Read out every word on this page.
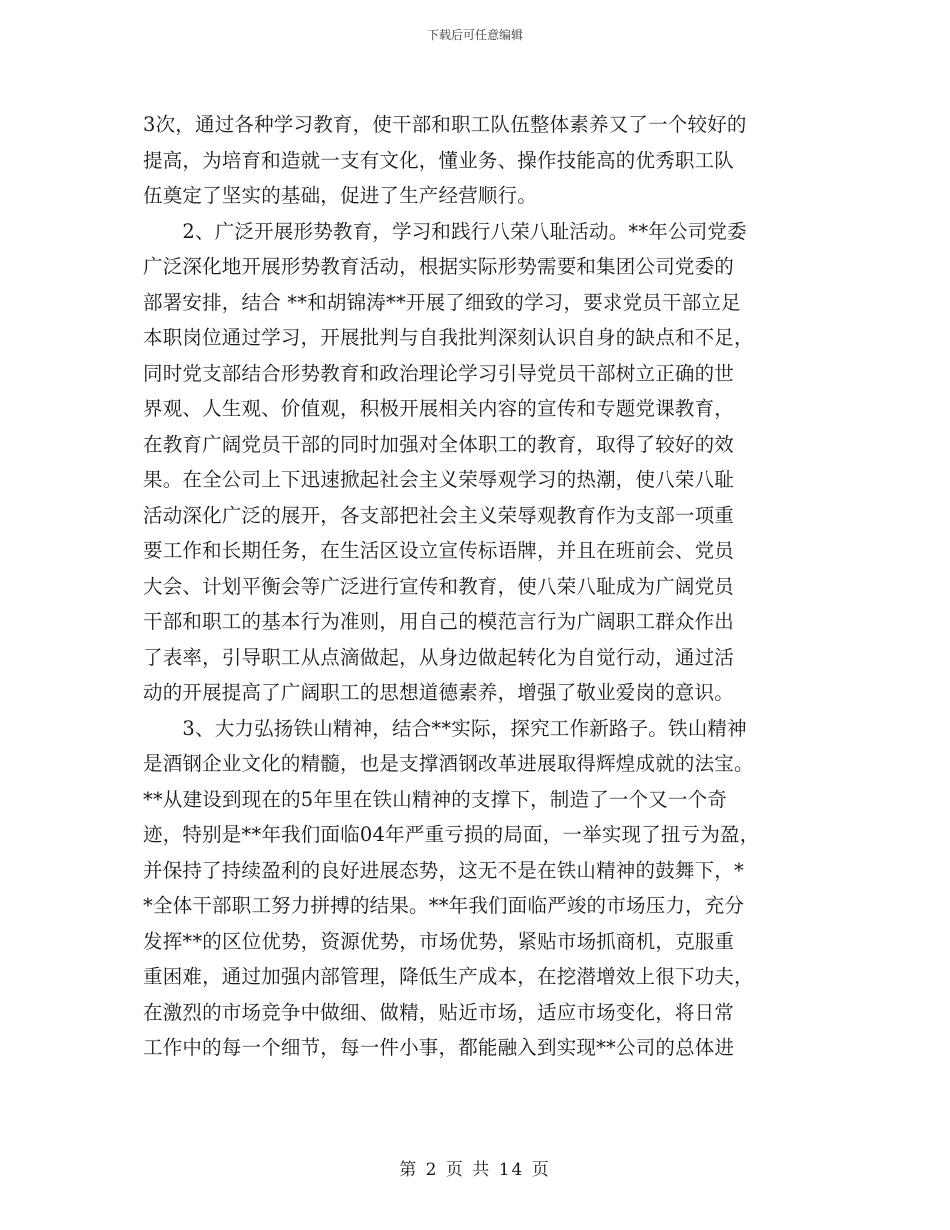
下载后可任意编辑
3次，通过各种学习教育，使干部和职工队伍整体素养又了一个较好的
提高，为培育和造就一支有文化，懂业务、操作技能高的优秀职工队
伍奠定了坚实的基础，促进了生产经营顺行。
　　2、广泛开展形势教育，学习和践行八荣八耻活动。**年公司党委
广泛深化地开展形势教育活动，根据实际形势需要和集团公司党委的
部署安排，结合 **和胡锦涛**开展了细致的学习，要求党员干部立足
本职岗位通过学习，开展批判与自我批判深刻认识自身的缺点和不足，
同时党支部结合形势教育和政治理论学习引导党员干部树立正确的世
界观、人生观、价值观，积极开展相关内容的宣传和专题党课教育，
在教育广阔党员干部的同时加强对全体职工的教育，取得了较好的效
果。在全公司上下迅速掀起社会主义荣辱观学习的热潮，使八荣八耻
活动深化广泛的展开，各支部把社会主义荣辱观教育作为支部一项重
要工作和长期任务，在生活区设立宣传标语牌，并且在班前会、党员
大会、计划平衡会等广泛进行宣传和教育，使八荣八耻成为广阔党员
干部和职工的基本行为准则，用自己的模范言行为广阔职工群众作出
了表率，引导职工从点滴做起，从身边做起转化为自觉行动，通过活
动的开展提高了广阔职工的思想道德素养，增强了敬业爱岗的意识。
　　3、大力弘扬铁山精神，结合**实际，探究工作新路子。铁山精神
是酒钢企业文化的精髓，也是支撑酒钢改革进展取得辉煌成就的法宝。
**从建设到现在的5年里在铁山精神的支撑下，制造了一个又一个奇
迹，特别是**年我们面临04年严重亏损的局面，一举实现了扭亏为盈，
并保持了持续盈利的良好进展态势，这无不是在铁山精神的鼓舞下，*
*全体干部职工努力拼搏的结果。**年我们面临严竣的市场压力，充分
发挥**的区位优势，资源优势，市场优势，紧贴市场抓商机，克服重
重困难，通过加强内部管理，降低生产成本，在挖潜增效上很下功夫，
在激烈的市场竞争中做细、做精，贴近市场，适应市场变化，将日常
工作中的每一个细节，每一件小事，都能融入到实现**公司的总体进
第 2 页 共 14 页
